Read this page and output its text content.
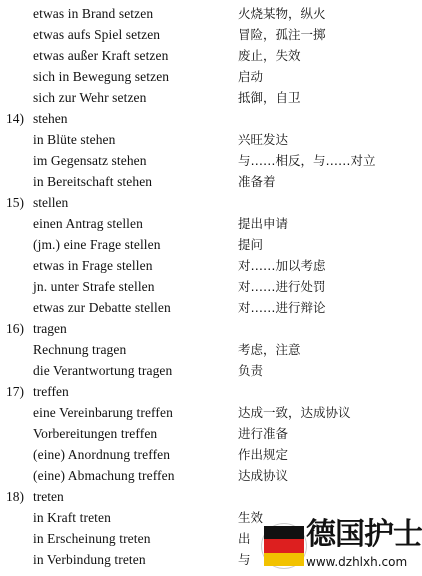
etwas in Brand setzen	火烧某物，纵火
etwas aufs Spiel setzen	冒险，孤注一掷
etwas außer Kraft setzen	废止，失效
sich in Bewegung setzen	启动
sich zur Wehr setzen	抵御，自卫
14) stehen
in Blüte stehen	兴旺发达
im Gegensatz stehen	与……相反，与……对立
in Bereitschaft stehen	准备着
15) stellen
einen Antrag stellen	提出申请
(jm.) eine Frage stellen	提问
etwas in Frage stellen	对……加以考虑
jn. unter Strafe stellen	对……进行处罚
etwas zur Debatte stellen	对……进行辩论
16) tragen
Rechnung tragen	考虑，注意
die Verantwortung tragen	负责
17) treffen
eine Vereinbarung treffen	达成一致，达成协议
Vorbereitungen treffen	进行准备
(eine) Anordnung treffen	作出规定
(eine) Abmachung treffen	达成协议
18) treten
in Kraft treten	生效
in Erscheinung treten	出
in Verbindung treten	与
德国护士
www.dzhlxh.com
